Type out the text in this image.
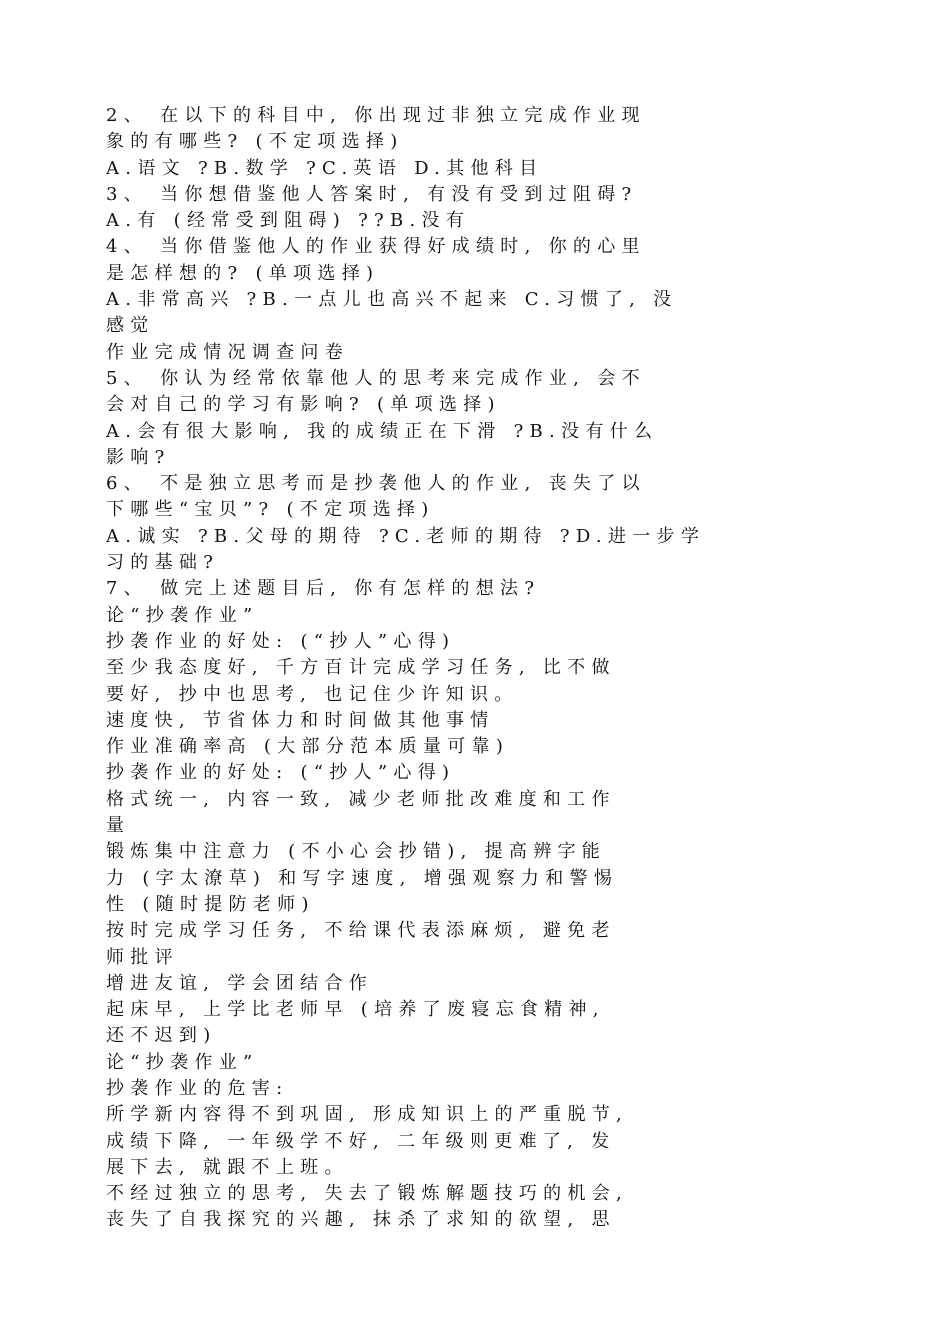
2、 在以下的科目中, 你出现过非独立完成作业现
象的有哪些? (不定项选择)
A.语文 ?B.数学 ?C.英语 D.其他科目
3、 当你想借鉴他人答案时, 有没有受到过阻碍?
A.有 (经常受到阻碍) ??B.没有
4、 当你借鉴他人的作业获得好成绩时, 你的心里
是怎样想的? (单项选择)
A.非常高兴 ?B.一点儿也高兴不起来 C.习惯了, 没
感觉
作业完成情况调查问卷
5、 你认为经常依靠他人的思考来完成作业, 会不
会对自己的学习有影响? (单项选择)
A.会有很大影响, 我的成绩正在下滑 ?B.没有什么
影响?
6、 不是独立思考而是抄袭他人的作业, 丧失了以
下哪些“宝贝”? (不定项选择)
A.诚实 ?B.父母的期待 ?C.老师的期待 ?D.进一步学
习的基础?
7、 做完上述题目后, 你有怎样的想法?
论“抄袭作业”
抄袭作业的好处: (“抄人”心得)
至少我态度好, 千方百计完成学习任务, 比不做
要好, 抄中也思考, 也记住少许知识。
速度快, 节省体力和时间做其他事情
作业准确率高 (大部分范本质量可靠)
抄袭作业的好处: (“抄人”心得)
格式统一, 内容一致, 减少老师批改难度和工作
量
锻炼集中注意力 (不小心会抄错), 提高辨字能
力 (字太潦草) 和写字速度, 增强观察力和警惕
性 (随时提防老师)
按时完成学习任务, 不给课代表添麻烦, 避免老
师批评
增进友谊, 学会团结合作
起床早, 上学比老师早 (培养了废寝忘食精神,
还不迟到)
论“抄袭作业”
抄袭作业的危害:
所学新内容得不到巩固, 形成知识上的严重脱节,
成绩下降, 一年级学不好, 二年级则更难了, 发
展下去, 就跟不上班。
不经过独立的思考, 失去了锻炼解题技巧的机会,
丧失了自我探究的兴趣, 抹杀了求知的欲望, 思
